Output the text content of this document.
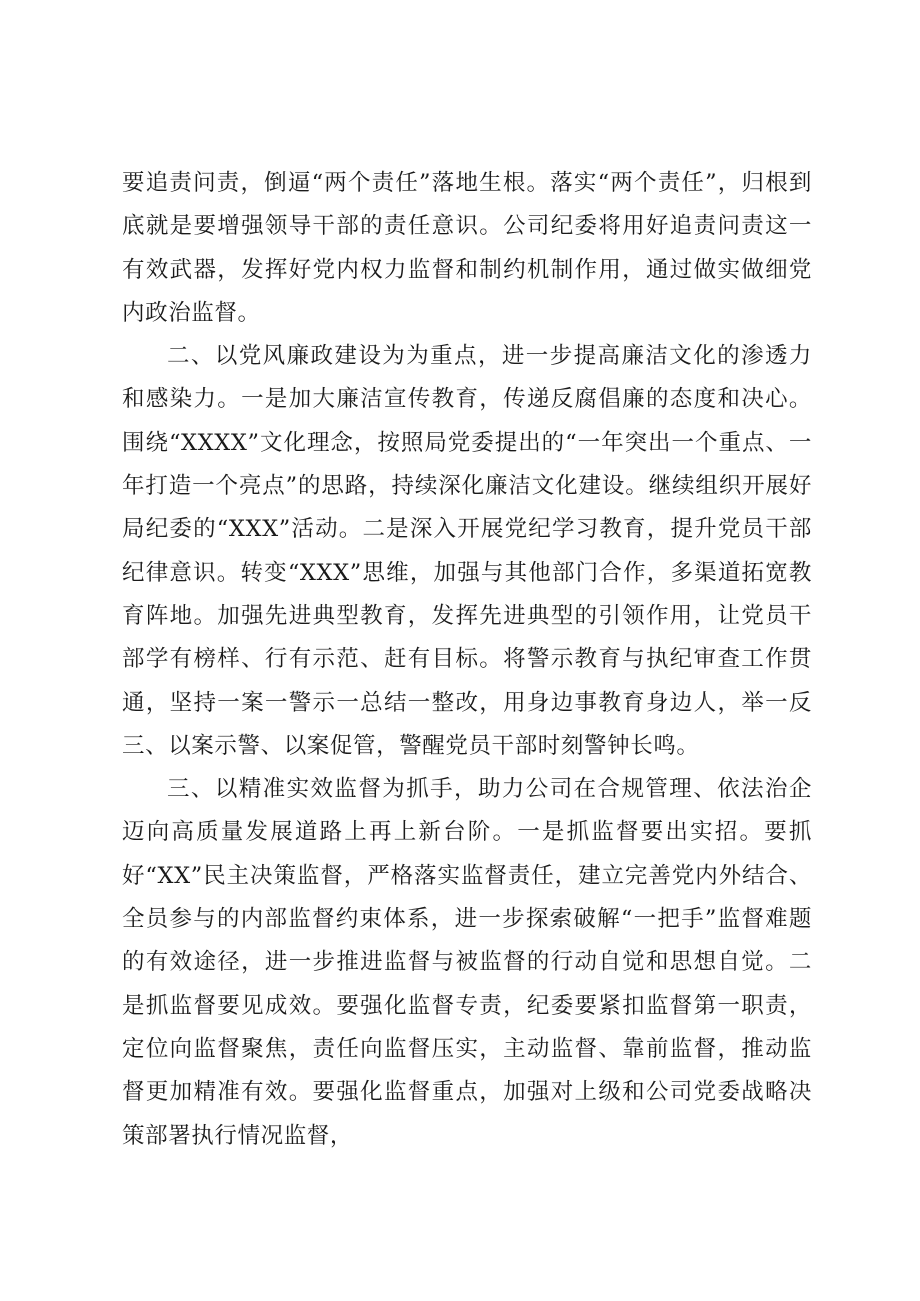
要追责问责，倒逼“两个责任”落地生根。落实“两个责任”，归根到底就是要增强领导干部的责任意识。公司纪委将用好追责问责这一有效武器，发挥好党内权力监督和制约机制作用，通过做实做细党内政治监督。

二、以党风廉政建设为为重点，进一步提高廉洁文化的渗透力和感染力。一是加大廉洁宣传教育，传递反腐倡廉的态度和决心。围绕“XXXX”文化理念，按照局党委提出的“一年突出一个重点、一年打造一个亮点”的思路，持续深化廉洁文化建设。继续组织开展好局纪委的“XXX”活动。二是深入开展党纪学习教育，提升党员干部纪律意识。转变“XXX”思维，加强与其他部门合作，多渠道拓宽教育阵地。加强先进典型教育，发挥先进典型的引领作用，让党员干部学有榜样、行有示范、赶有目标。将警示教育与执纪审查工作贯通，坚持一案一警示一总结一整改，用身边事教育身边人，举一反三、以案示警、以案促管，警醒党员干部时刻警钟长鸣。

三、以精准实效监督为抓手，助力公司在合规管理、依法治企迈向高质量发展道路上再上新台阶。一是抓监督要出实招。要抓好“XX”民主决策监督，严格落实监督责任，建立完善党内外结合、全员参与的内部监督约束体系，进一步探索破解“一把手”监督难题的有效途径，进一步推进监督与被监督的行动自觉和思想自觉。二是抓监督要见成效。要强化监督专责，纪委要紧扣监督第一职责，定位向监督聚焦，责任向监督压实，主动监督、靠前监督，推动监督更加精准有效。要强化监督重点，加强对上级和公司党委战略决策部署执行情况监督，
